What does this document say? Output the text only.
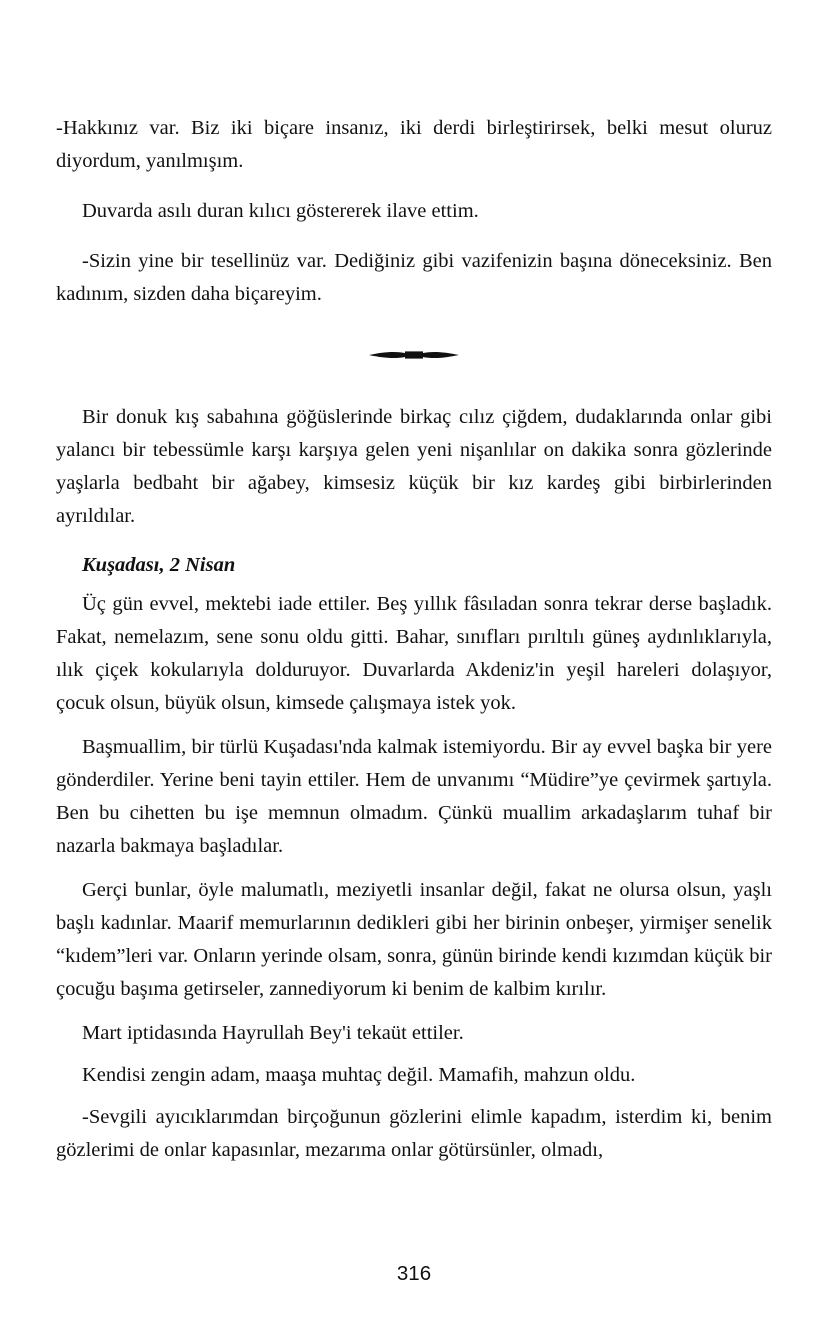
-Hakkınız var. Biz iki biçare insanız, iki derdi birleştirirsek, belki mesut oluruz diyordum, yanılmışım.

Duvarda asılı duran kılıcı göstererek ilave ettim.

-Sizin yine bir tesellinüz var. Dediğiniz gibi vazifenizin başına döneceksiniz. Ben kadınım, sizden daha biçareyim.

Bir donuk kış sabahına göğüslerinde birkaç cılız çiğdem, dudaklarında onlar gibi yalancı bir tebessümle karşı karşıya gelen yeni nişanlılar on dakika sonra gözlerinde yaşlarla bedbaht bir ağabey, kimsesiz küçük bir kız kardeş gibi birbirlerinden ayrıldılar.

Kuşadası, 2 Nisan

Üç gün evvel, mektebi iade ettiler. Beş yıllık fâsıladan sonra tekrar derse başladık. Fakat, nemelazım, sene sonu oldu gitti. Bahar, sınıfları pırıltılı güneş aydınlıklarıyla, ılık çiçek kokularıyla dolduruyor. Duvarlarda Akdeniz'in yeşil hareleri dolaşıyor, çocuk olsun, büyük olsun, kimsede çalışmaya istek yok.

Başmuallim, bir türlü Kuşadası'nda kalmak istemiyordu. Bir ay evvel başka bir yere gönderdiler. Yerine beni tayin ettiler. Hem de unvanımı “Müdire”ye çevirmek şartıyla. Ben bu cihetten bu işe memnun olmadım. Çünkü muallim arkadaşlarım tuhaf bir nazarla bakmaya başladılar.

Gerçi bunlar, öyle malumatlı, meziyetli insanlar değil, fakat ne olursa olsun, yaşlı başlı kadınlar. Maarif memurlarının dedikleri gibi her birinin onbeşer, yirmişer senelik “kıdem”leri var. Onların yerinde olsam, sonra, günün birinde kendi kızımdan küçük bir çocuğu başıma getirseler, zannediyorum ki benim de kalbim kırılır.

Mart iptidasında Hayrullah Bey'i tekaüt ettiler.

Kendisi zengin adam, maaşa muhtaç değil. Mamafih, mahzun oldu.

-Sevgili ayıcıklarımdan birçoğunun gözlerini elimle kapadım, isterdim ki, benim gözlerimi de onlar kapasınlar, mezarıma onlar götürsünler, olmadı,

316
